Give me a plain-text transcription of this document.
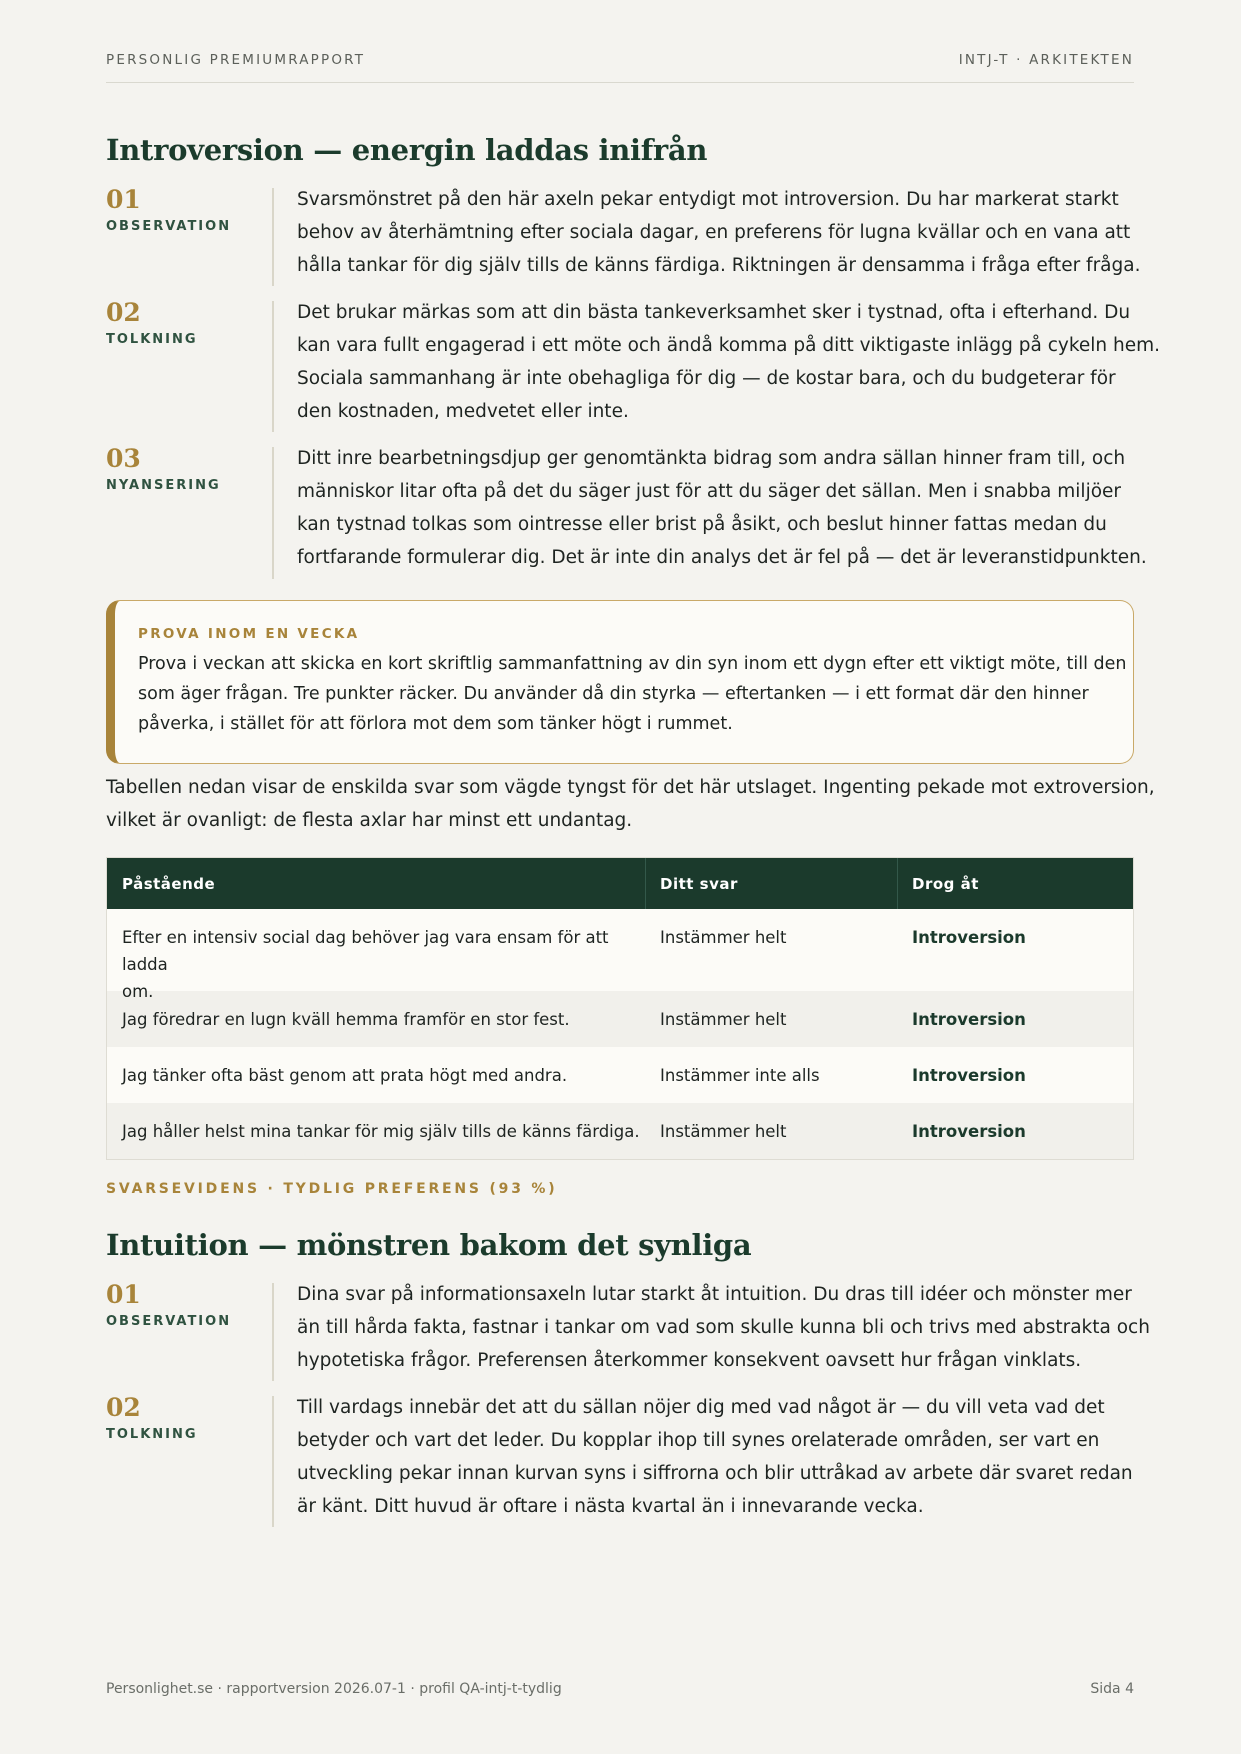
PERSONLIG PREMIUMRAPPORT	INTJ-T · ARKITEKTEN
Introversion — energin laddas inifrån
01
OBSERVATION
Svarsmönstret på den här axeln pekar entydigt mot introversion. Du har markerat starkt
behov av återhämtning efter sociala dagar, en preferens för lugna kvällar och en vana att
hålla tankar för dig själv tills de känns färdiga. Riktningen är densamma i fråga efter fråga.
02
TOLKNING
Det brukar märkas som att din bästa tankeverksamhet sker i tystnad, ofta i efterhand. Du
kan vara fullt engagerad i ett möte och ändå komma på ditt viktigaste inlägg på cykeln hem.
Sociala sammanhang är inte obehagliga för dig — de kostar bara, och du budgeterar för
den kostnaden, medvetet eller inte.
03
NYANSERING
Ditt inre bearbetningsdjup ger genomtänkta bidrag som andra sällan hinner fram till, och
människor litar ofta på det du säger just för att du säger det sällan. Men i snabba miljöer
kan tystnad tolkas som ointresse eller brist på åsikt, och beslut hinner fattas medan du
fortfarande formulerar dig. Det är inte din analys det är fel på — det är leveranstidpunkten.
PROVA INOM EN VECKA
Prova i veckan att skicka en kort skriftlig sammanfattning av din syn inom ett dygn efter ett viktigt möte, till den
som äger frågan. Tre punkter räcker. Du använder då din styrka — eftertanken — i ett format där den hinner
påverka, i stället för att förlora mot dem som tänker högt i rummet.
Tabellen nedan visar de enskilda svar som vägde tyngst för det här utslaget. Ingenting pekade mot extroversion,
vilket är ovanligt: de flesta axlar har minst ett undantag.
Påstående	Ditt svar	Drog åt
Efter en intensiv social dag behöver jag vara ensam för att ladda
om.
Instämmer helt	Introversion
Jag föredrar en lugn kväll hemma framför en stor fest.	Instämmer helt	Introversion
Jag tänker ofta bäst genom att prata högt med andra.	Instämmer inte alls	Introversion
Jag håller helst mina tankar för mig själv tills de känns färdiga.	Instämmer helt	Introversion
SVARSEVIDENS · TYDLIG PREFERENS (93 %)
Intuition — mönstren bakom det synliga
01
OBSERVATION
Dina svar på informationsaxeln lutar starkt åt intuition. Du dras till idéer och mönster mer
än till hårda fakta, fastnar i tankar om vad som skulle kunna bli och trivs med abstrakta och
hypotetiska frågor. Preferensen återkommer konsekvent oavsett hur frågan vinklats.
02
TOLKNING
Till vardags innebär det att du sällan nöjer dig med vad något är — du vill veta vad det
betyder och vart det leder. Du kopplar ihop till synes orelaterade områden, ser vart en
utveckling pekar innan kurvan syns i siffrorna och blir uttråkad av arbete där svaret redan
är känt. Ditt huvud är oftare i nästa kvartal än i innevarande vecka.
Personlighet.se · rapportversion 2026.07-1 · profil QA-intj-t-tydlig	Sida 4
